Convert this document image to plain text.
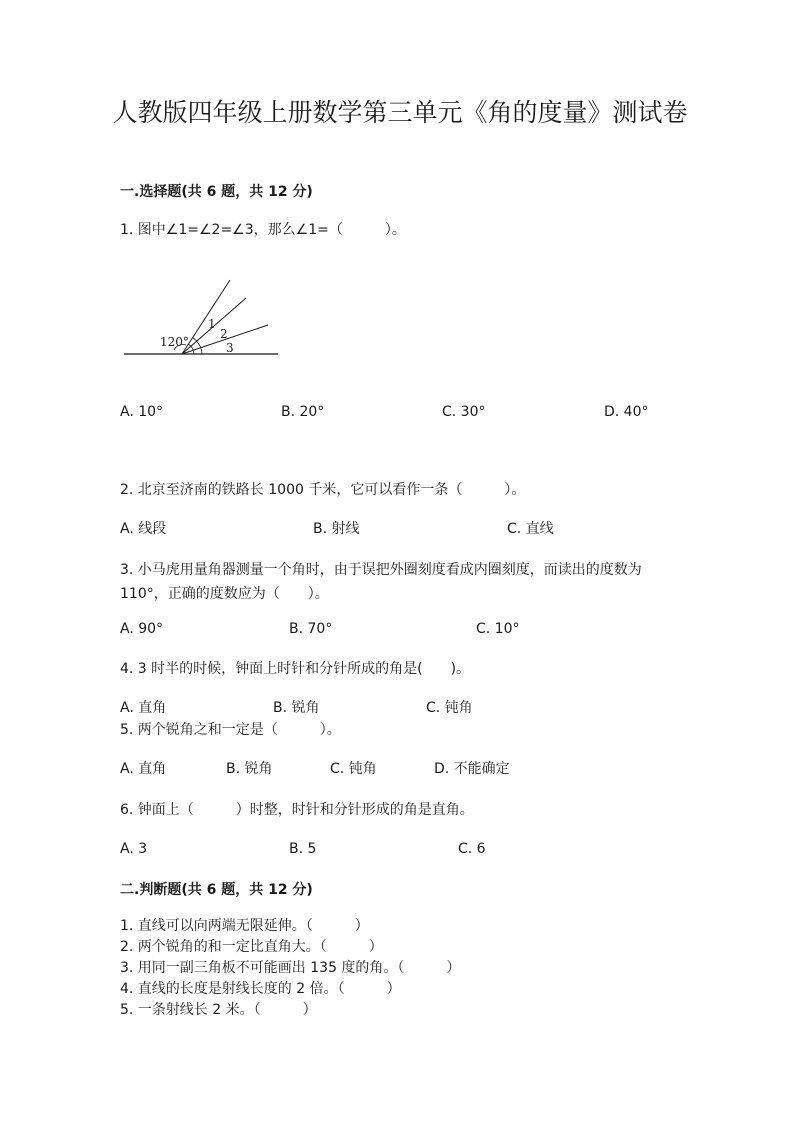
人教版四年级上册数学第三单元《角的度量》测试卷
一.选择题(共 6 题，共 12 分)
1. 图中∠1=∠2=∠3，那么∠1=（　　　）。
120°
1
2
3
A. 10°	B. 20°	C. 30°	D. 40°
2. 北京至济南的铁路长 1000 千米，它可以看作一条（　　　）。
A. 线段	B. 射线	C. 直线
3. 小马虎用量角器测量一个角时，由于误把外圈刻度看成内圈刻度，而读出的度数为 110°，正确的度数应为（　　）。
A. 90°	B. 70°	C. 10°
4. 3 时半的时候，钟面上时针和分针所成的角是(　　)。
A. 直角	B. 锐角	C. 钝角
5. 两个锐角之和一定是（　　　）。
A. 直角	B. 锐角	C. 钝角	D. 不能确定
6. 钟面上（　　　）时整，时针和分针形成的角是直角。
A. 3	B. 5	C. 6
二.判断题(共 6 题，共 12 分)
1. 直线可以向两端无限延伸。（　　　）
2. 两个锐角的和一定比直角大。（　　　）
3. 用同一副三角板不可能画出 135 度的角。（　　　）
4. 直线的长度是射线长度的 2 倍。（　　　）
5. 一条射线长 2 米。（　　　）
